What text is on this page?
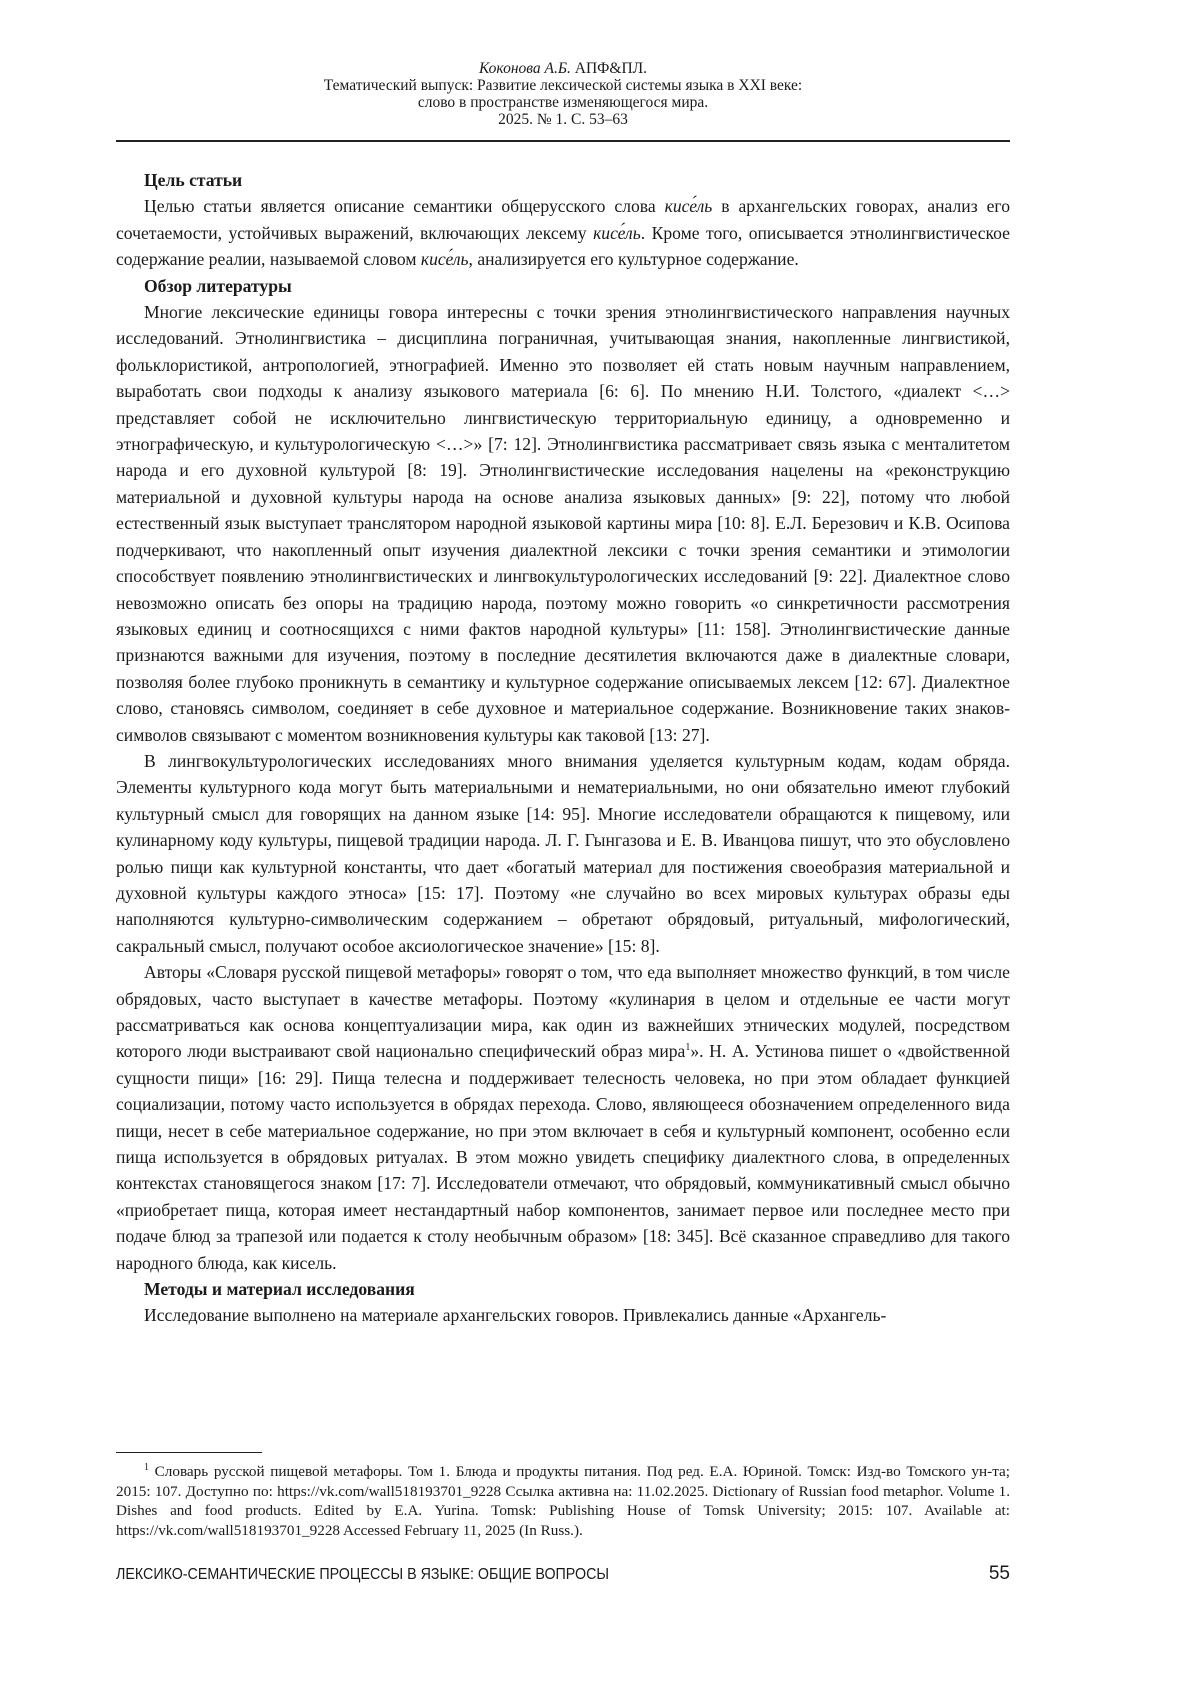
Коконова А.Б. АПФ&ПЛ.
Тематический выпуск: Развитие лексической системы языка в XXI веке:
слово в пространстве изменяющегося мира.
2025. № 1. С. 53–63
Цель статьи

Целью статьи является описание семантики общерусского слова кисе́ль в архангельских говорах, анализ его сочетаемости, устойчивых выражений, включающих лексему кисе́ль. Кроме того, описывается этнолингвистическое содержание реалии, называемой словом кисе́ль, анализируется его культурное содержание.

Обзор литературы

Многие лексические единицы говора интересны с точки зрения этнолингвистического направления научных исследований. Этнолингвистика – дисциплина пограничная, учитывающая знания, накопленные лингвистикой, фольклористикой, антропологией, этнографией. Именно это позволяет ей стать новым научным направлением, выработать свои подходы к анализу языкового материала [6: 6]. По мнению Н.И. Толстого, «диалект <…> представляет собой не исключительно лингвистическую территориальную единицу, а одновременно и этнографическую, и культурологическую <…>» [7: 12]. Этнолингвистика рассматривает связь языка с менталитетом народа и его духовной культурой [8: 19]. Этнолингвистические исследования нацелены на «реконструкцию материальной и духовной культуры народа на основе анализа языковых данных» [9: 22], потому что любой естественный язык выступает транслятором народной языковой картины мира [10: 8]. Е.Л. Березович и К.В. Осипова подчеркивают, что накопленный опыт изучения диалектной лексики с точки зрения семантики и этимологии способствует появлению этнолингвистических и лингвокультурологических исследований [9: 22]. Диалектное слово невозможно описать без опоры на традицию народа, поэтому можно говорить «о синкретичности рассмотрения языковых единиц и соотносящихся с ними фактов народной культуры» [11: 158]. Этнолингвистические данные признаются важными для изучения, поэтому в последние десятилетия включаются даже в диалектные словари, позволяя более глубоко проникнуть в семантику и культурное содержание описываемых лексем [12: 67]. Диалектное слово, становясь символом, соединяет в себе духовное и материальное содержание. Возникновение таких знаков-символов связывают с моментом возникновения культуры как таковой [13: 27].

В лингвокультурологических исследованиях много внимания уделяется культурным кодам, кодам обряда. Элементы культурного кода могут быть материальными и нематериальными, но они обязательно имеют глубокий культурный смысл для говорящих на данном языке [14: 95]. Многие исследователи обращаются к пищевому, или кулинарному коду культуры, пищевой традиции народа. Л. Г. Гынгазова и Е. В. Иванцова пишут, что это обусловлено ролью пищи как культурной константы, что дает «богатый материал для постижения своеобразия материальной и духовной культуры каждого этноса» [15: 17]. Поэтому «не случайно во всех мировых культурах образы еды наполняются культурно-символическим содержанием – обретают обрядовый, ритуальный, мифологический, сакральный смысл, получают особое аксиологическое значение» [15: 8].

Авторы «Словаря русской пищевой метафоры» говорят о том, что еда выполняет множество функций, в том числе обрядовых, часто выступает в качестве метафоры. Поэтому «кулинария в целом и отдельные ее части могут рассматриваться как основа концептуализации мира, как один из важнейших этнических модулей, посредством которого люди выстраивают свой национально специфический образ мира$^1$». Н. А. Устинова пишет о «двойственной сущности пищи» [16: 29]. Пища телесна и поддерживает телесность человека, но при этом обладает функцией социализации, потому часто используется в обрядах перехода. Слово, являющееся обозначением определенного вида пищи, несет в себе материальное содержание, но при этом включает в себя и культурный компонент, особенно если пища используется в обрядовых ритуалах. В этом можно увидеть специфику диалектного слова, в определенных контекстах становящегося знаком [17: 7]. Исследователи отмечают, что обрядовый, коммуникативный смысл обычно «приобретает пища, которая имеет нестандартный набор компонентов, занимает первое или последнее место при подаче блюд за трапезой или подается к столу необычным образом» [18: 345]. Всё сказанное справедливо для такого народного блюда, как кисель.

Методы и материал исследования

Исследование выполнено на материале архангельских говоров. Привлекались данные «Архангель-

$^1$ Словарь русской пищевой метафоры. Том 1. Блюда и продукты питания. Под ред. Е.А. Юриной. Томск: Изд-во Томского ун-та; 2015: 107. Доступно по: https://vk.com/wall518193701_9228 Ссылка активна на: 11.02.2025. Dictionary of Russian food metaphor. Volume 1. Dishes and food products. Edited by E.A. Yurina. Tomsk: Publishing House of Tomsk University; 2015: 107. Available at: https://vk.com/wall518193701_9228 Accessed February 11, 2025 (In Russ.).
ЛЕКСИКО-СЕМАНТИЧЕСКИЕ ПРОЦЕССЫ В ЯЗЫКЕ: ОБЩИЕ ВОПРОСЫ	55
